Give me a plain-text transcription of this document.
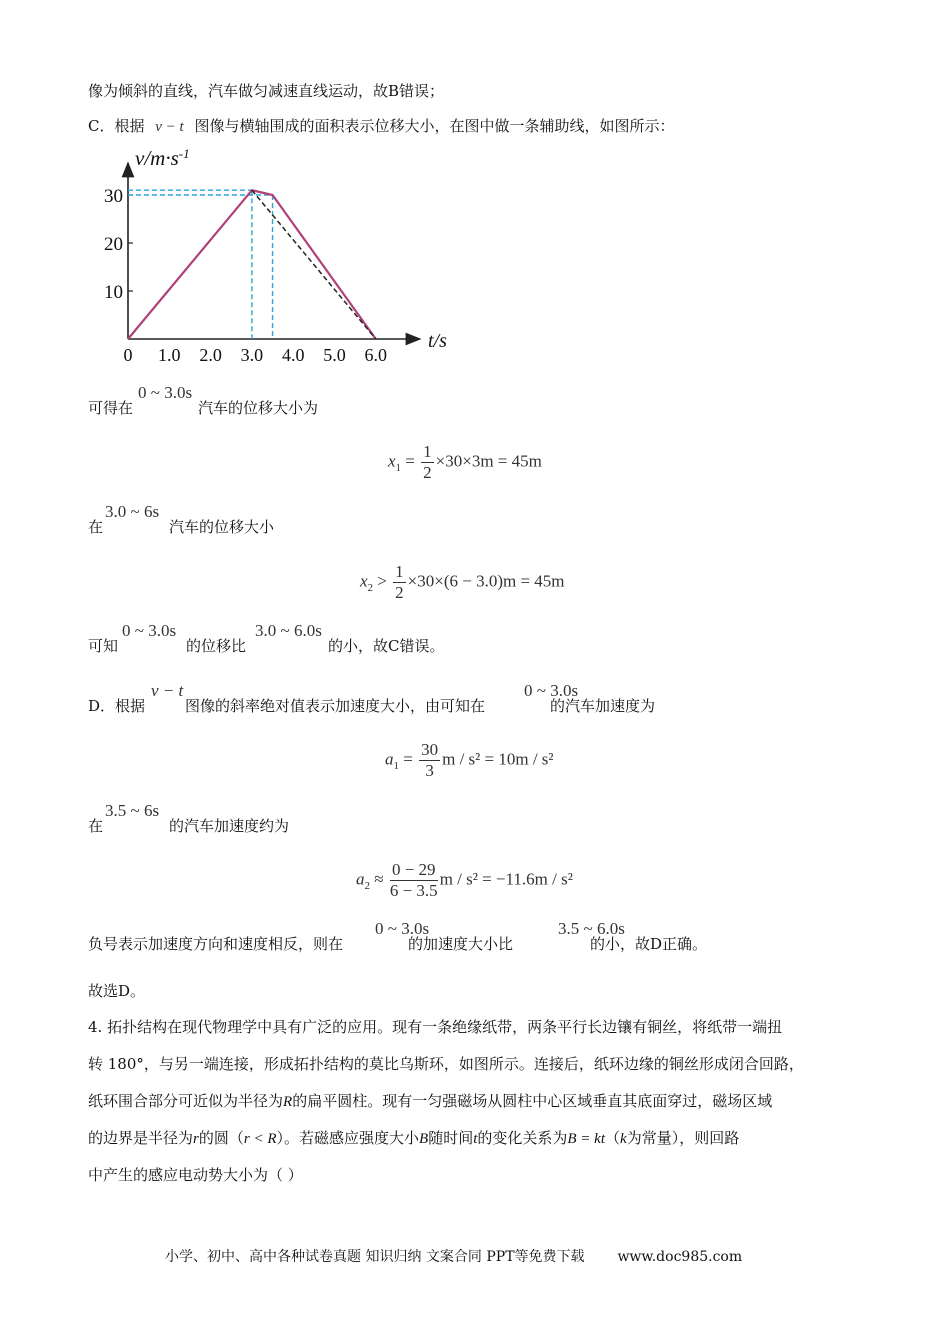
像为倾斜的直线，汽车做匀减速直线运动，故B错误；
C．根据 v − t 图像与横轴围成的面积表示位移大小，在图中做一条辅助线，如图所示：
$v/m\cdot s^{-1}$
t/s
0 1.0 2.0 3.0 4.0 5.0 6.0
10
20
30
0 ~ 3.0s
可得在	汽车的位移大小为
$x_1 = \frac{1}{2} \times 30\times 3m = 45m$
3.0 ~ 6s
在	汽车的位移大小
$x_2 > \frac{1}{2} \times 30\times(6 - 3.0)m = 45m$
0 ~ 3.0s	3.0 ~ 6.0s
可知	的位移比	的小，故C错误。
v − t	0 ~ 3.0s
D．根据	图像的斜率绝对值表示加速度大小，由可知在	的汽车加速度为
$a_1 = \frac{30}{3}$ m / s² = 10m / s²
3.5 ~ 6s
在	的汽车加速度约为
$a_2 \approx \frac{0 - 29}{6 - 3.5}$ m / s² = −11.6m / s²
0 ~ 3.0s	3.5 ~ 6.0s
负号表示加速度方向和速度相反，则在	的加速度大小比	的小，故D正确。
故选D。
4. 拓扑结构在现代物理学中具有广泛的应用。现有一条绝缘纸带，两条平行长边镶有铜丝，将纸带一端扭
转 180°，与另一端连接，形成拓扑结构的莫比乌斯环，如图所示。连接后，纸环边缘的铜丝形成闭合回路，
纸环围合部分可近似为半径为R的扁平圆柱。现有一匀强磁场从圆柱中心区域垂直其底面穿过，磁场区域
的边界是半径为r的圆（r < R）。若磁感应强度大小B随时间t的变化关系为B = kt（k为常量），则回路
中产生的感应电动势大小为（ ）
小学、初中、高中各种试卷真题 知识归纳 文案合同 PPT等免费下载 www.doc985.com
